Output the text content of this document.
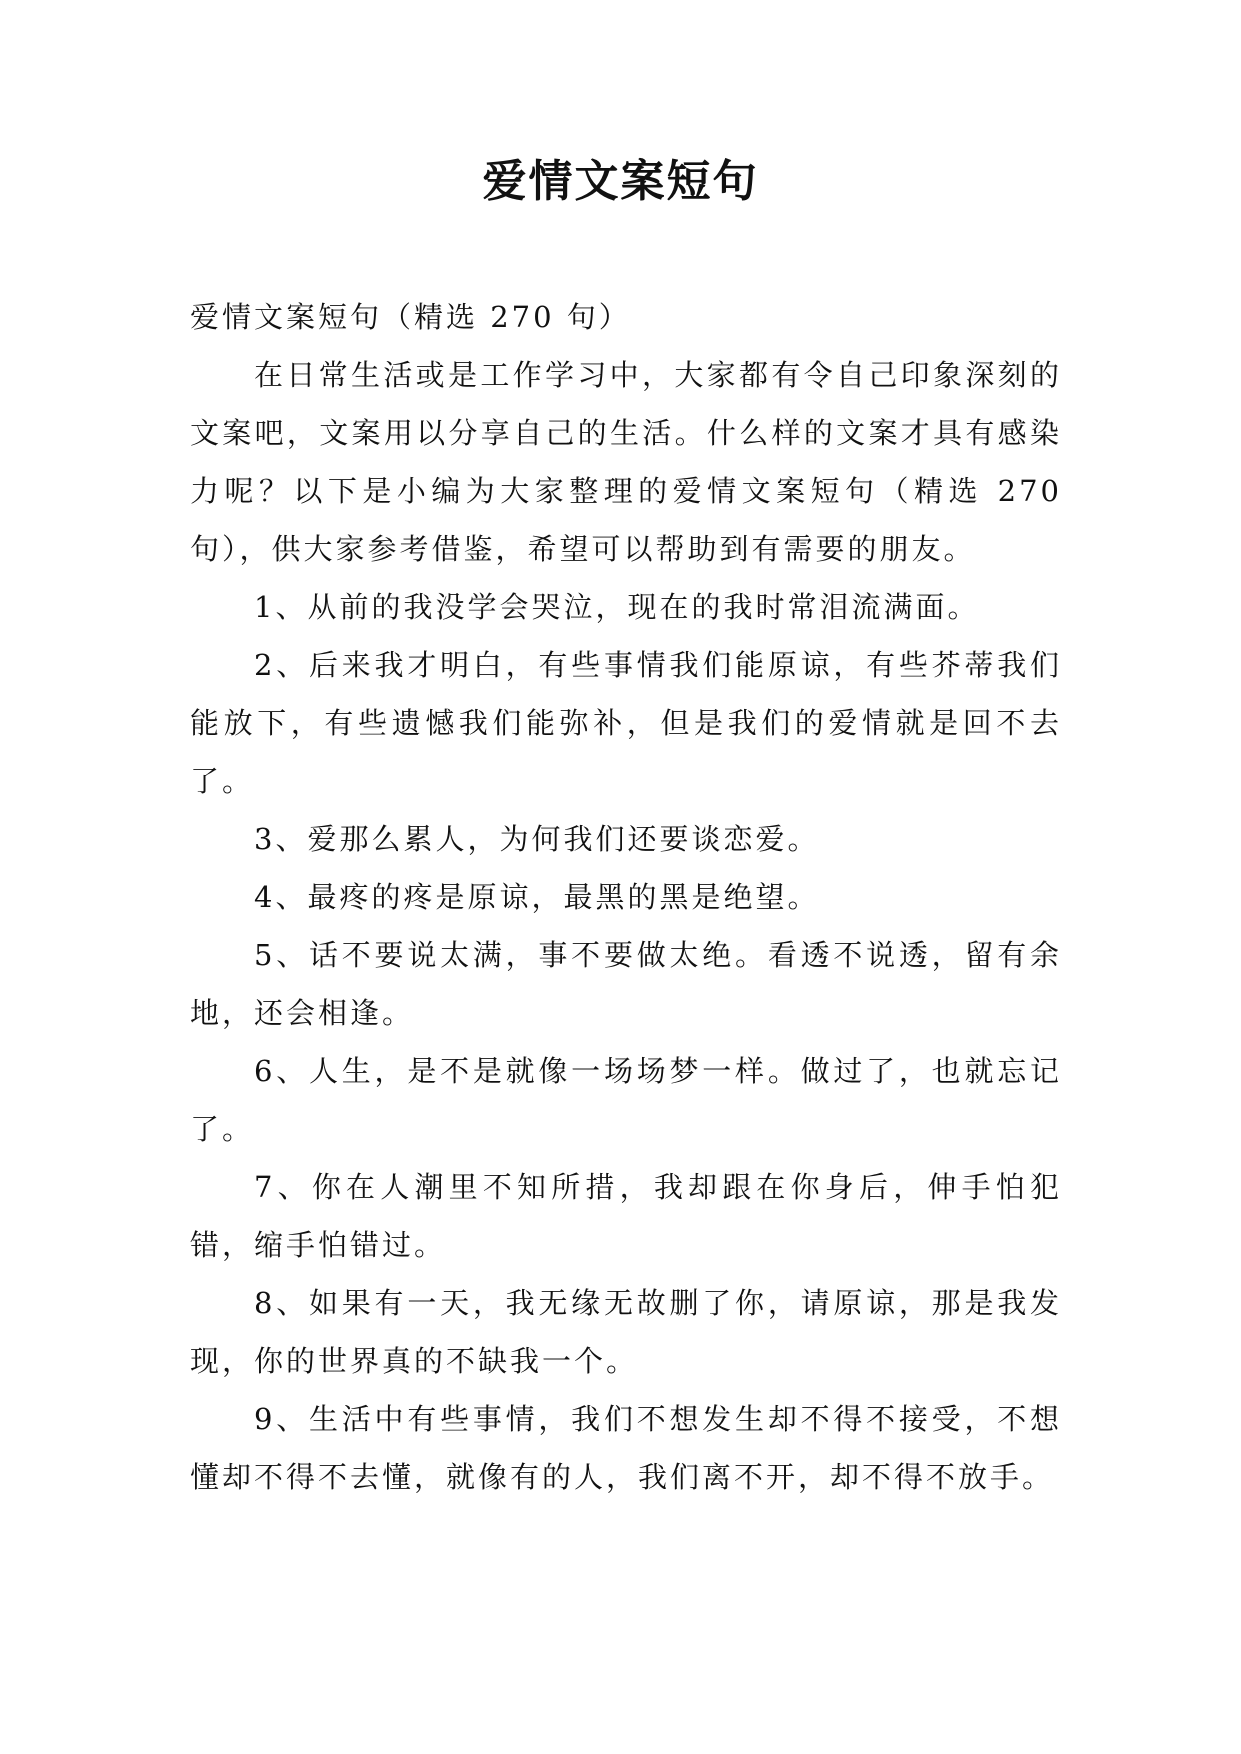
爱情文案短句

爱情文案短句（精选 270 句）

在日常生活或是工作学习中，大家都有令自己印象深刻的文案吧，文案用以分享自己的生活。什么样的文案才具有感染力呢？以下是小编为大家整理的爱情文案短句（精选 270 句），供大家参考借鉴，希望可以帮助到有需要的朋友。

1、从前的我没学会哭泣，现在的我时常泪流满面。

2、后来我才明白，有些事情我们能原谅，有些芥蒂我们能放下，有些遗憾我们能弥补，但是我们的爱情就是回不去了。

3、爱那么累人，为何我们还要谈恋爱。

4、最疼的疼是原谅，最黑的黑是绝望。

5、话不要说太满，事不要做太绝。看透不说透，留有余地，还会相逢。

6、人生，是不是就像一场场梦一样。做过了，也就忘记了。

7、你在人潮里不知所措，我却跟在你身后，伸手怕犯错，缩手怕错过。

8、如果有一天，我无缘无故删了你，请原谅，那是我发现，你的世界真的不缺我一个。

9、生活中有些事情，我们不想发生却不得不接受，不想懂却不得不去懂，就像有的人，我们离不开，却不得不放手。
